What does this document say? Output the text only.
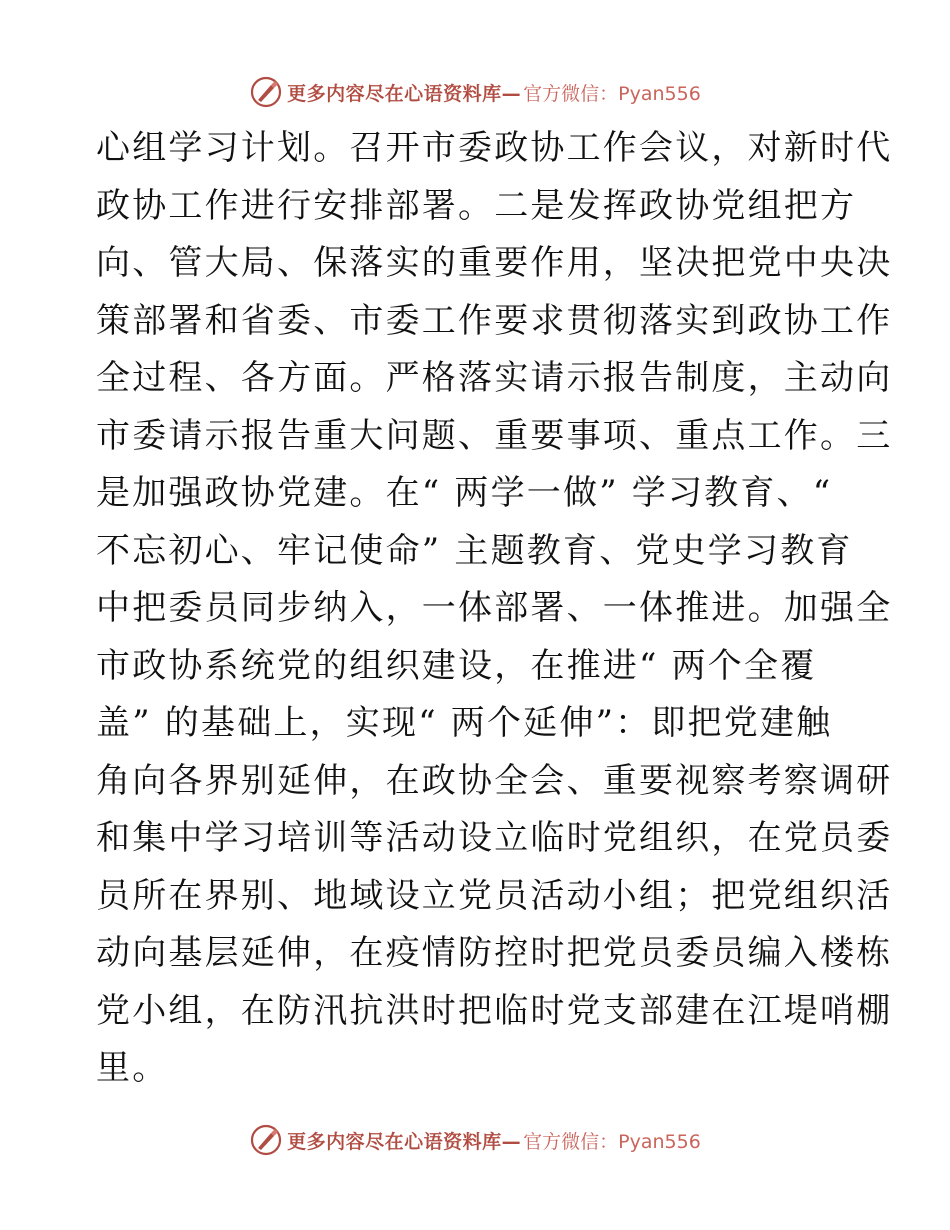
更多内容尽在心语资料库— 官方微信：Pyan556
心组学习计划。召开市委政协工作会议，对新时代
政协工作进行安排部署。二是发挥政协党组把方
向、管大局、保落实的重要作用，坚决把党中央决
策部署和省委、市委工作要求贯彻落实到政协工作
全过程、各方面。严格落实请示报告制度，主动向
市委请示报告重大问题、重要事项、重点工作。三
是加强政协党建。在“ 两学一做” 学习教育、“
不忘初心、牢记使命” 主题教育、党史学习教育
中把委员同步纳入，一体部署、一体推进。加强全
市政协系统党的组织建设，在推进“ 两个全覆
盖” 的基础上，实现“ 两个延伸”：即把党建触
角向各界别延伸，在政协全会、重要视察考察调研
和集中学习培训等活动设立临时党组织，在党员委
员所在界别、地域设立党员活动小组；把党组织活
动向基层延伸，在疫情防控时把党员委员编入楼栋
党小组，在防汛抗洪时把临时党支部建在江堤哨棚
里。
更多内容尽在心语资料库— 官方微信：Pyan556
